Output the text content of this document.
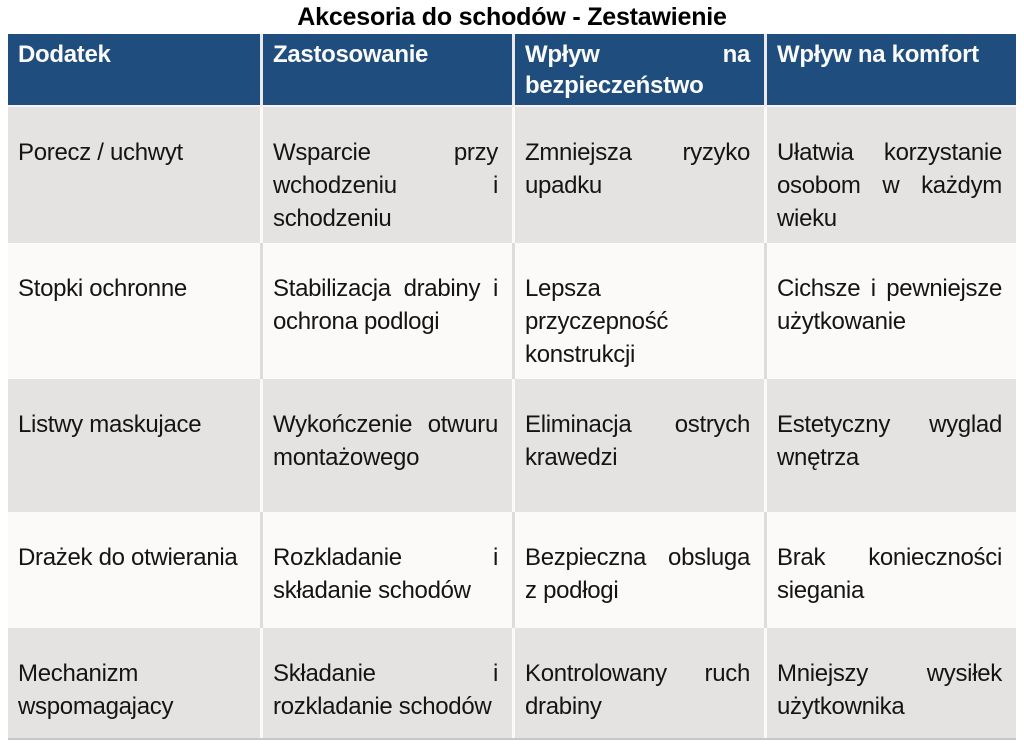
Akcesoria do schodów - Zestawienie
Dodatek	Zastosowanie	Wpływ na bezpieczeństwo	Wpływ na komfort
Porecz / uchwyt	Wsparcie przy wchodzeniu i schodzeniu	Zmniejsza ryzyko upadku	Ułatwia korzystanie osobom w każdym wieku
Stopki ochronne	Stabilizacja drabiny i ochrona podlogi	Lepsza przyczepność konstrukcji	Cichsze i pewniejsze użytkowanie
Listwy maskujace	Wykończenie otwuru montażowego	Eliminacja ostrych krawedzi	Estetyczny wyglad wnętrza
Drażek do otwierania	Rozkladanie i składanie schodów	Bezpieczna obsluga z podłogi	Brak konieczności siegania
Mechanizm wspomagajacy	Składanie i rozkladanie schodów	Kontrolowany ruch drabiny	Mniejszy wysiłek użytkownika
